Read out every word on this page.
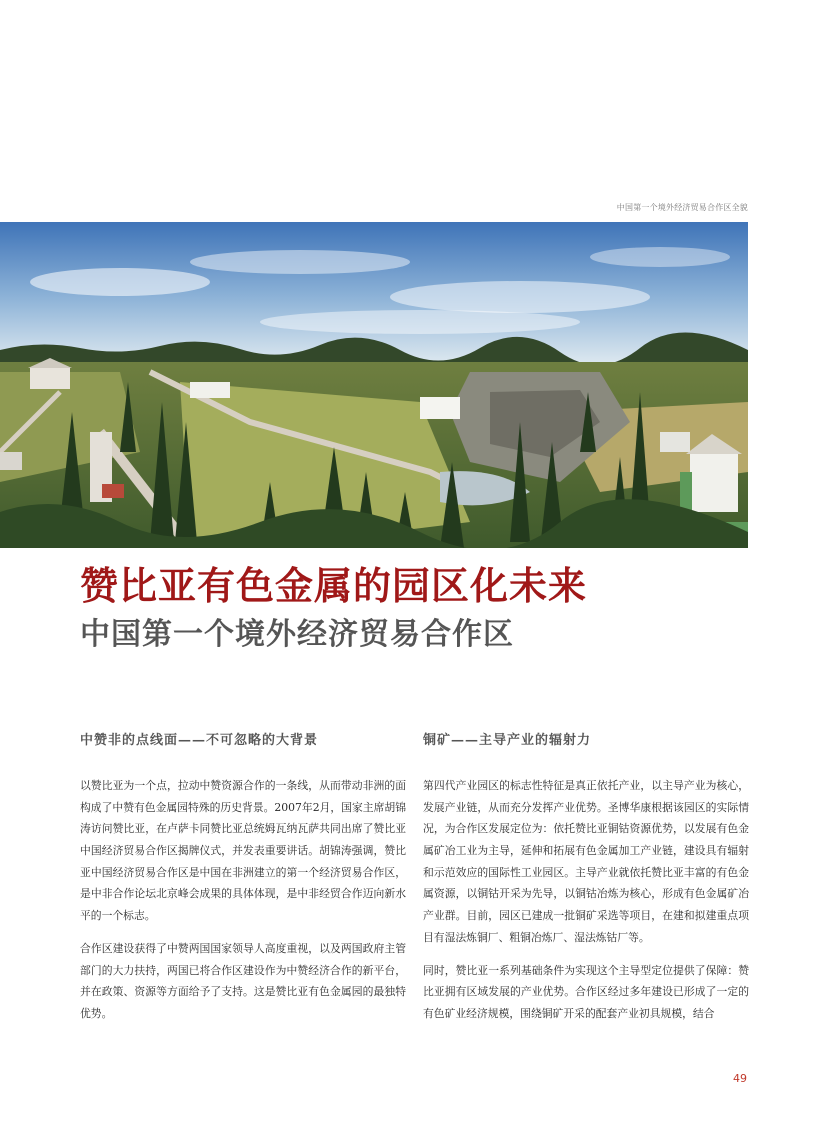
中国第一个境外经济贸易合作区全貌
赞比亚有色金属的园区化未来
中国第一个境外经济贸易合作区
中赞非的点线面——不可忽略的大背景

以赞比亚为一个点，拉动中赞资源合作的一条线，从而带动非洲的面构成了中赞有色金属园特殊的历史背景。2007年2月，国家主席胡锦涛访问赞比亚，在卢萨卡同赞比亚总统姆瓦纳瓦萨共同出席了赞比亚中国经济贸易合作区揭牌仪式，并发表重要讲话。胡锦涛强调，赞比亚中国经济贸易合作区是中国在非洲建立的第一个经济贸易合作区，是中非合作论坛北京峰会成果的具体体现，是中非经贸合作迈向新水平的一个标志。

合作区建设获得了中赞两国国家领导人高度重视，以及两国政府主管部门的大力扶持，两国已将合作区建设作为中赞经济合作的新平台，并在政策、资源等方面给予了支持。这是赞比亚有色金属园的最独特优势。

铜矿——主导产业的辐射力

第四代产业园区的标志性特征是真正依托产业，以主导产业为核心，发展产业链，从而充分发挥产业优势。圣博华康根据该园区的实际情况，为合作区发展定位为：依托赞比亚铜钴资源优势，以发展有色金属矿冶工业为主导，延伸和拓展有色金属加工产业链，建设具有辐射和示范效应的国际性工业园区。主导产业就依托赞比亚丰富的有色金属资源，以铜钴开采为先导，以铜钴冶炼为核心，形成有色金属矿冶产业群。目前，园区已建成一批铜矿采选等项目，在建和拟建重点项目有湿法炼铜厂、粗铜冶炼厂、湿法炼钴厂等。

同时，赞比亚一系列基础条件为实现这个主导型定位提供了保障：赞比亚拥有区域发展的产业优势。合作区经过多年建设已形成了一定的有色矿业经济规模，围绕铜矿开采的配套产业初具规模，结合

49
